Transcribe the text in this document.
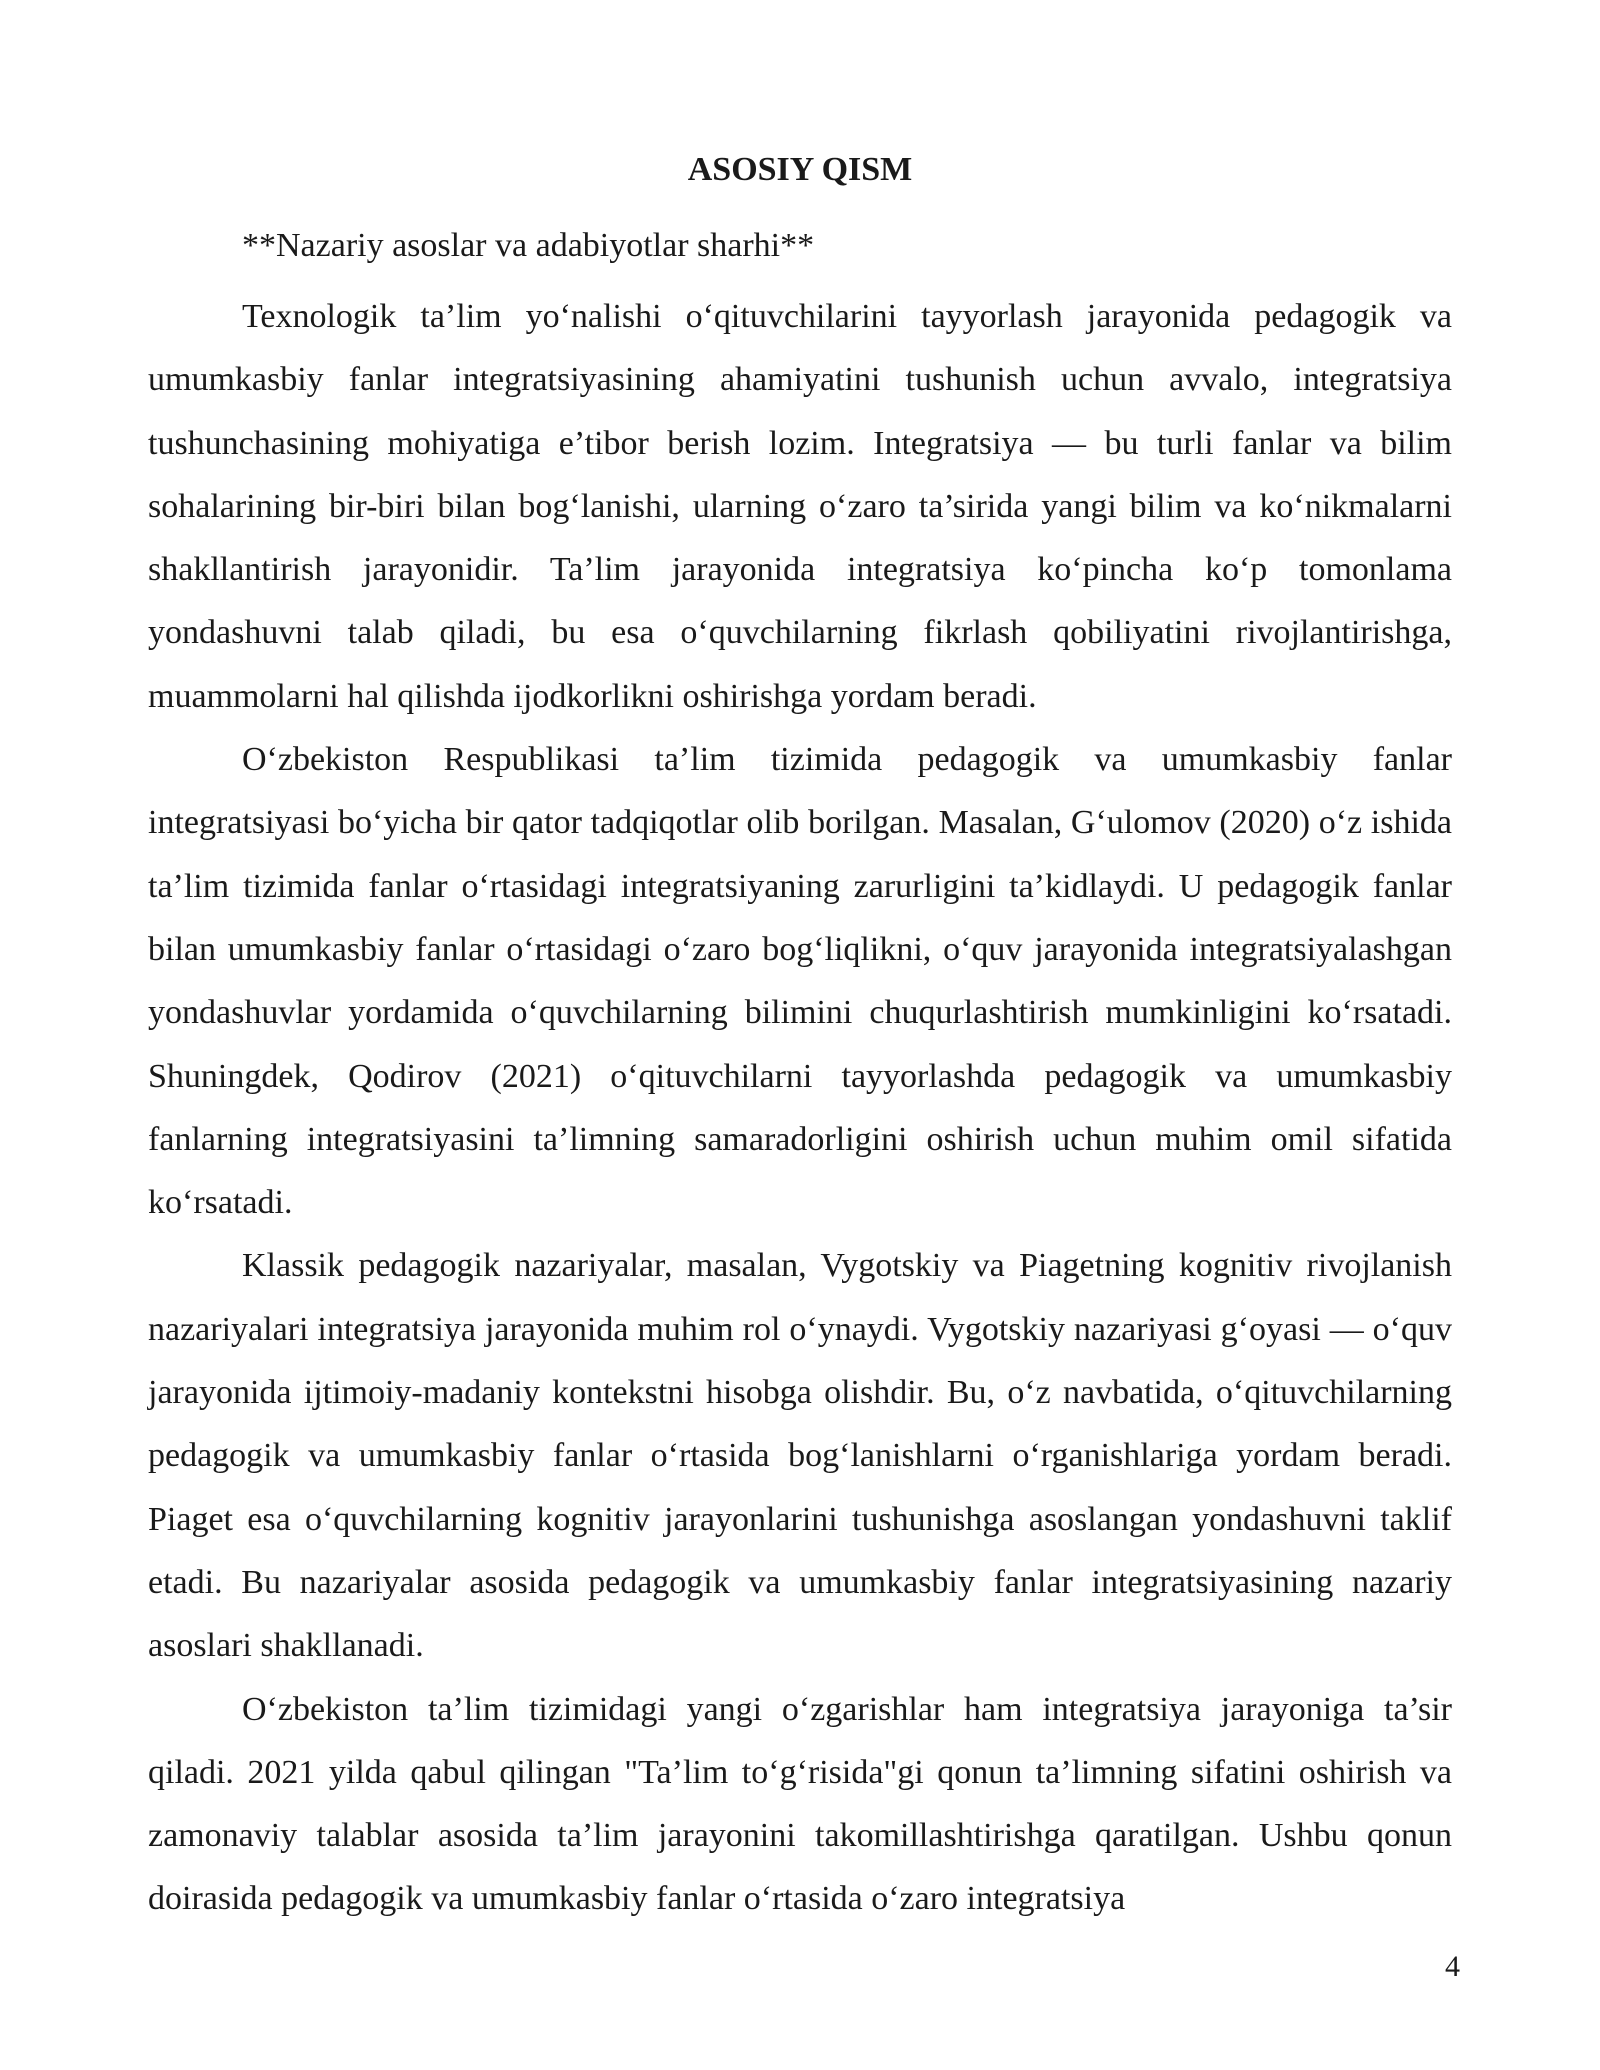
ASOSIY QISM
**Nazariy asoslar va adabiyotlar sharhi**

Texnologik ta’lim yo‘nalishi o‘qituvchilarini tayyorlash jarayonida pedagogik va umumkasbiy fanlar integratsiyasining ahamiyatini tushunish uchun avvalo, integratsiya tushunchasining mohiyatiga e’tibor berish lozim. Integratsiya — bu turli fanlar va bilim sohalarining bir-biri bilan bog‘lanishi, ularning o‘zaro ta’sirida yangi bilim va ko‘nikmalarni shakllantirish jarayonidir. Ta’lim jarayonida integratsiya ko‘pincha ko‘p tomonlama yondashuvni talab qiladi, bu esa o‘quvchilarning fikrlash qobiliyatini rivojlantirishga, muammolarni hal qilishda ijodkorlikni oshirishga yordam beradi.

O‘zbekiston Respublikasi ta’lim tizimida pedagogik va umumkasbiy fanlar integratsiyasi bo‘yicha bir qator tadqiqotlar olib borilgan. Masalan, G‘ulomov (2020) o‘z ishida ta’lim tizimida fanlar o‘rtasidagi integratsiyaning zarurligini ta’kidlaydi. U pedagogik fanlar bilan umumkasbiy fanlar o‘rtasidagi o‘zaro bog‘liqlikni, o‘quv jarayonida integratsiyalashgan yondashuvlar yordamida o‘quvchilarning bilimini chuqurlashtirish mumkinligini ko‘rsatadi. Shuningdek, Qodirov (2021) o‘qituvchilarni tayyorlashda pedagogik va umumkasbiy fanlarning integratsiyasini ta’limning samaradorligini oshirish uchun muhim omil sifatida ko‘rsatadi.

Klassik pedagogik nazariyalar, masalan, Vygotskiy va Piagetning kognitiv rivojlanish nazariyalari integratsiya jarayonida muhim rol o‘ynaydi. Vygotskiy nazariyasi g‘oyasi — o‘quv jarayonida ijtimoiy-madaniy kontekstni hisobga olishdir. Bu, o‘z navbatida, o‘qituvchilarning pedagogik va umumkasbiy fanlar o‘rtasida bog‘lanishlarni o‘rganishlariga yordam beradi. Piaget esa o‘quvchilarning kognitiv jarayonlarini tushunishga asoslangan yondashuvni taklif etadi. Bu nazariyalar asosida pedagogik va umumkasbiy fanlar integratsiyasining nazariy asoslari shakllanadi.

O‘zbekiston ta’lim tizimidagi yangi o‘zgarishlar ham integratsiya jarayoniga ta’sir qiladi. 2021 yilda qabul qilingan "Ta’lim to‘g‘risida"gi qonun ta’limning sifatini oshirish va zamonaviy talablar asosida ta’lim jarayonini takomillashtirishga qaratilgan. Ushbu qonun doirasida pedagogik va umumkasbiy fanlar o‘rtasida o‘zaro integratsiya

4
